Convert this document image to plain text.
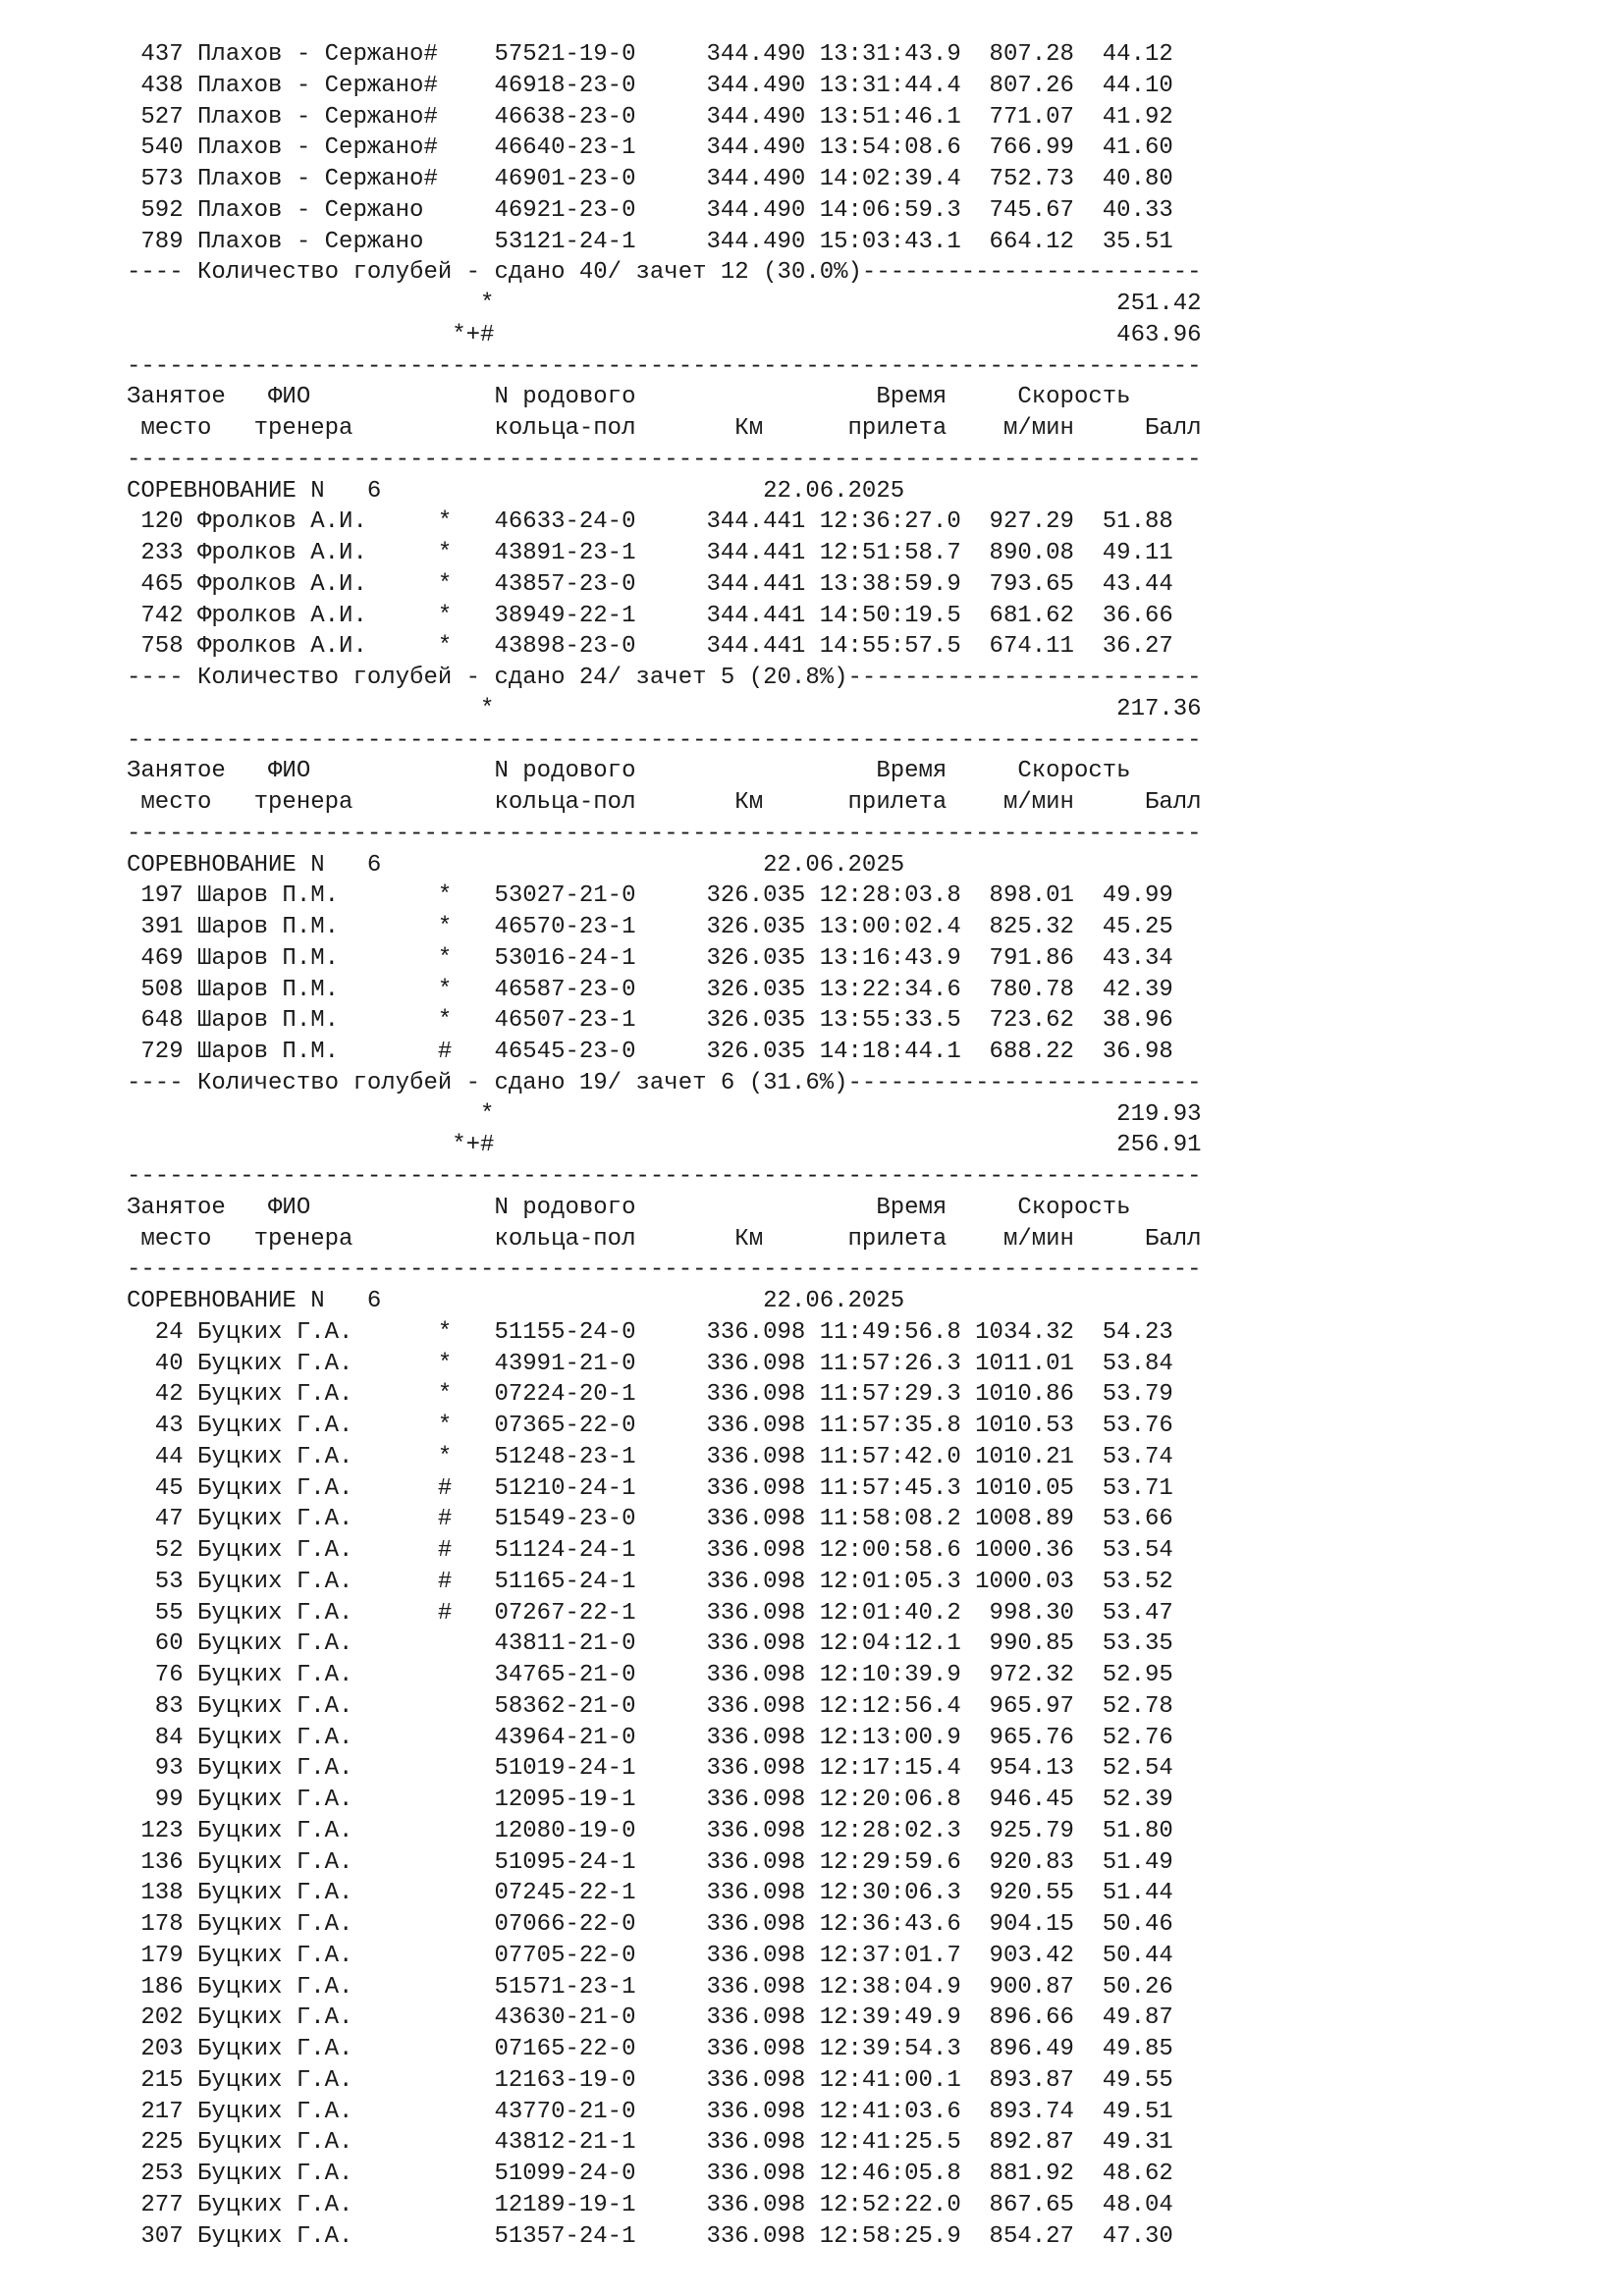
437 Плахов - Сержано#    57521-19-0     344.490 13:31:43.9  807.28  44.12
438 Плахов - Сержано#    46918-23-0     344.490 13:31:44.4  807.26  44.10
527 Плахов - Сержано#    46638-23-0     344.490 13:51:46.1  771.07  41.92
540 Плахов - Сержано#    46640-23-1     344.490 13:54:08.6  766.99  41.60
573 Плахов - Сержано#    46901-23-0     344.490 14:02:39.4  752.73  40.80
592 Плахов - Сержано     46921-23-0     344.490 14:06:59.3  745.67  40.33
789 Плахов - Сержано     53121-24-1     344.490 15:03:43.1  664.12  35.51
---- Количество голубей - сдано 40/ зачет 12 (30.0%)------------------------
*                                            251.42
*+#                                            463.96
----------------------------------------------------------------------------
Занятое   ФИО             N родового                 Время     Скорость
место   тренера          кольца-пол       Км      прилета    м/мин     Балл
----------------------------------------------------------------------------
СОРЕВНОВАНИЕ N   6                           22.06.2025
120 Фролков А.И.     *   46633-24-0     344.441 12:36:27.0  927.29  51.88
233 Фролков А.И.     *   43891-23-1     344.441 12:51:58.7  890.08  49.11
465 Фролков А.И.     *   43857-23-0     344.441 13:38:59.9  793.65  43.44
742 Фролков А.И.     *   38949-22-1     344.441 14:50:19.5  681.62  36.66
758 Фролков А.И.     *   43898-23-0     344.441 14:55:57.5  674.11  36.27
---- Количество голубей - сдано 24/ зачет 5 (20.8%)-------------------------
*                                            217.36
----------------------------------------------------------------------------
Занятое   ФИО             N родового                 Время     Скорость
место   тренера          кольца-пол       Км      прилета    м/мин     Балл
----------------------------------------------------------------------------
СОРЕВНОВАНИЕ N   6                           22.06.2025
197 Шаров П.М.       *   53027-21-0     326.035 12:28:03.8  898.01  49.99
391 Шаров П.М.       *   46570-23-1     326.035 13:00:02.4  825.32  45.25
469 Шаров П.М.       *   53016-24-1     326.035 13:16:43.9  791.86  43.34
508 Шаров П.М.       *   46587-23-0     326.035 13:22:34.6  780.78  42.39
648 Шаров П.М.       *   46507-23-1     326.035 13:55:33.5  723.62  38.96
729 Шаров П.М.       #   46545-23-0     326.035 14:18:44.1  688.22  36.98
---- Количество голубей - сдано 19/ зачет 6 (31.6%)-------------------------
*                                            219.93
*+#                                            256.91
----------------------------------------------------------------------------
Занятое   ФИО             N родового                 Время     Скорость
место   тренера          кольца-пол       Км      прилета    м/мин     Балл
----------------------------------------------------------------------------
СОРЕВНОВАНИЕ N   6                           22.06.2025
24 Буцких Г.А.      *   51155-24-0     336.098 11:49:56.8 1034.32  54.23
40 Буцких Г.А.      *   43991-21-0     336.098 11:57:26.3 1011.01  53.84
42 Буцких Г.А.      *   07224-20-1     336.098 11:57:29.3 1010.86  53.79
43 Буцких Г.А.      *   07365-22-0     336.098 11:57:35.8 1010.53  53.76
44 Буцких Г.А.      *   51248-23-1     336.098 11:57:42.0 1010.21  53.74
45 Буцких Г.А.      #   51210-24-1     336.098 11:57:45.3 1010.05  53.71
47 Буцких Г.А.      #   51549-23-0     336.098 11:58:08.2 1008.89  53.66
52 Буцких Г.А.      #   51124-24-1     336.098 12:00:58.6 1000.36  53.54
53 Буцких Г.А.      #   51165-24-1     336.098 12:01:05.3 1000.03  53.52
55 Буцких Г.А.      #   07267-22-1     336.098 12:01:40.2  998.30  53.47
60 Буцких Г.А.          43811-21-0     336.098 12:04:12.1  990.85  53.35
76 Буцких Г.А.          34765-21-0     336.098 12:10:39.9  972.32  52.95
83 Буцких Г.А.          58362-21-0     336.098 12:12:56.4  965.97  52.78
84 Буцких Г.А.          43964-21-0     336.098 12:13:00.9  965.76  52.76
93 Буцких Г.А.          51019-24-1     336.098 12:17:15.4  954.13  52.54
99 Буцких Г.А.          12095-19-1     336.098 12:20:06.8  946.45  52.39
123 Буцких Г.А.          12080-19-0     336.098 12:28:02.3  925.79  51.80
136 Буцких Г.А.          51095-24-1     336.098 12:29:59.6  920.83  51.49
138 Буцких Г.А.          07245-22-1     336.098 12:30:06.3  920.55  51.44
178 Буцких Г.А.          07066-22-0     336.098 12:36:43.6  904.15  50.46
179 Буцких Г.А.          07705-22-0     336.098 12:37:01.7  903.42  50.44
186 Буцких Г.А.          51571-23-1     336.098 12:38:04.9  900.87  50.26
202 Буцких Г.А.          43630-21-0     336.098 12:39:49.9  896.66  49.87
203 Буцких Г.А.          07165-22-0     336.098 12:39:54.3  896.49  49.85
215 Буцких Г.А.          12163-19-0     336.098 12:41:00.1  893.87  49.55
217 Буцких Г.А.          43770-21-0     336.098 12:41:03.6  893.74  49.51
225 Буцких Г.А.          43812-21-1     336.098 12:41:25.5  892.87  49.31
253 Буцких Г.А.          51099-24-0     336.098 12:46:05.8  881.92  48.62
277 Буцких Г.А.          12189-19-1     336.098 12:52:22.0  867.65  48.04
307 Буцких Г.А.          51357-24-1     336.098 12:58:25.9  854.27  47.30
